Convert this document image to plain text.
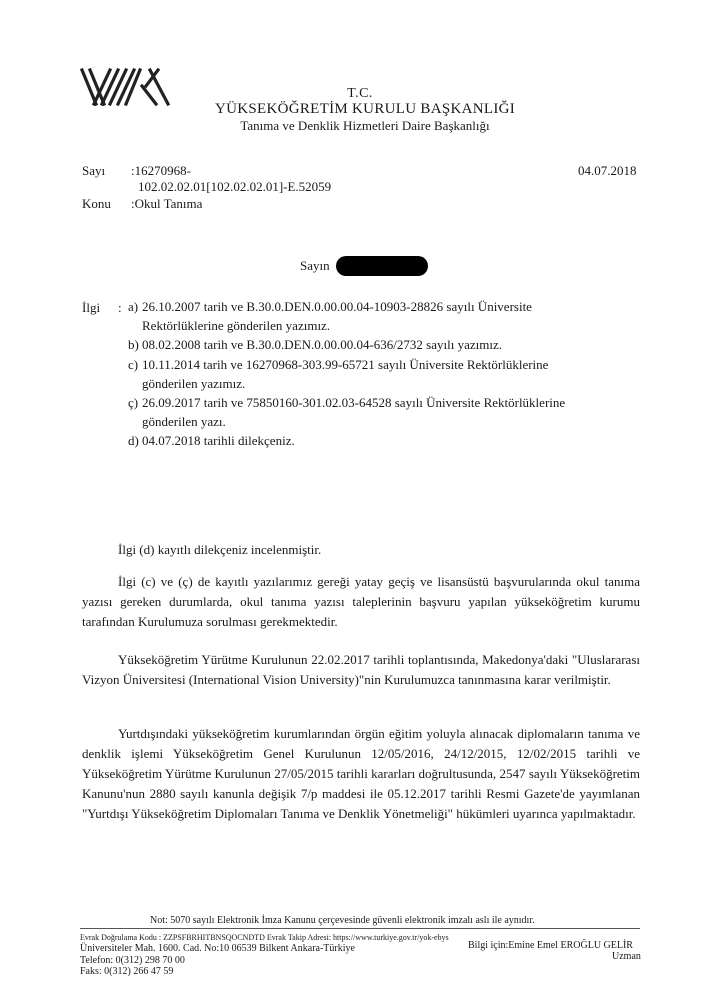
T.C.
YÜKSEKÖĞRETİM KURULU BAŞKANLIĞI
Tanıma ve Denklik Hizmetleri Daire Başkanlığı
Sayı :16270968-
102.02.02.01[102.02.02.01]-E.52059
04.07.2018
Konu :Okul Tanıma
Sayın
İlgi : a) 26.10.2007 tarih ve B.30.0.DEN.0.00.00.04-10903-28826 sayılı Üniversite
Rektörlüklerine gönderilen yazımız.
b) 08.02.2008 tarih ve B.30.0.DEN.0.00.00.04-636/2732 sayılı yazımız.
c) 10.11.2014 tarih ve 16270968-303.99-65721 sayılı Üniversite Rektörlüklerine
gönderilen yazımız.
ç) 26.09.2017 tarih ve 75850160-301.02.03-64528 sayılı Üniversite Rektörlüklerine
gönderilen yazı.
d) 04.07.2018 tarihli dilekçeniz.
İlgi (d) kayıtlı dilekçeniz incelenmiştir.
İlgi (c) ve (ç) de kayıtlı yazılarımız gereği yatay geçiş ve lisansüstü başvurularında okul tanıma yazısı gereken durumlarda, okul tanıma yazısı taleplerinin başvuru yapılan yükseköğretim kurumu tarafından Kurulumuza sorulması gerekmektedir.
Yükseköğretim Yürütme Kurulunun 22.02.2017 tarihli toplantısında, Makedonya'daki "Uluslararası Vizyon Üniversitesi (International Vision University)"nin Kurulumuzca tanınmasına karar verilmiştir.
Yurtdışındaki yükseköğretim kurumlarından örgün eğitim yoluyla alınacak diplomaların tanıma ve denklik işlemi Yükseköğretim Genel Kurulunun 12/05/2016, 24/12/2015, 12/02/2015 tarihli ve Yükseköğretim Yürütme Kurulunun 27/05/2015 tarihli kararları doğrultusunda, 2547 sayılı Yükseköğretim Kanunu'nun 2880 sayılı kanunla değişik 7/p maddesi ile 05.12.2017 tarihli Resmi Gazete'de yayımlanan "Yurtdışı Yükseköğretim Diplomaları Tanıma ve Denklik Yönetmeliği" hükümleri uyarınca yapılmaktadır.
Not: 5070 sayılı Elektronik İmza Kanunu çerçevesinde güvenli elektronik imzalı aslı ile aynıdır.
Evrak Doğrulama Kodu : ZZPSFBRHITBNSQOCNDTD Evrak Takip Adresi: https://www.turkiye.gov.tr/yok-ebys
Üniversiteler Mah. 1600. Cad. No:10 06539 Bilkent Ankara-Türkiye
Telefon: 0(312) 298 70 00
Faks: 0(312) 266 47 59
Bilgi için:Emine Emel EROĞLU GELİR
Uzman
